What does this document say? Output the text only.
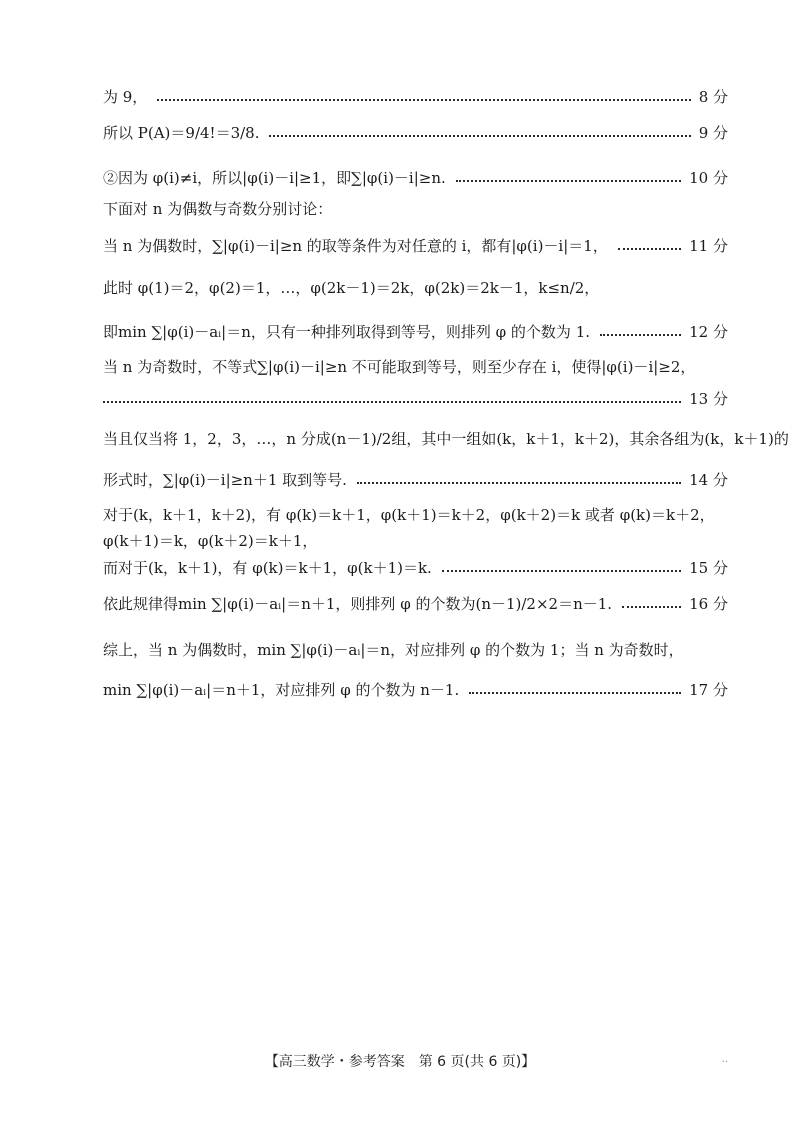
为 9，	8 分
所以 P(A)＝9/4!＝3/8.	9 分
②因为 φ(i)≠i，所以|φ(i)－i|≥1，即∑|φ(i)－i|≥n.	10 分
下面对 n 为偶数与奇数分别讨论：
当 n 为偶数时，∑|φ(i)－i|≥n 的取等条件为对任意的 i，都有|φ(i)－i|＝1，	11 分
此时 φ(1)＝2，φ(2)＝1，…，φ(2k－1)＝2k，φ(2k)＝2k－1，k≤n/2，
即min ∑|φ(i)－aᵢ|＝n，只有一种排列取得到等号，则排列 φ 的个数为 1.	12 分
当 n 为奇数时，不等式∑|φ(i)－i|≥n 不可能取到等号，则至少存在 i，使得|φ(i)－i|≥2，
13 分
当且仅当将 1，2，3，…，n 分成(n－1)/2组，其中一组如(k，k＋1，k＋2)，其余各组为(k，k＋1)的
形式时，∑|φ(i)－i|≥n＋1 取到等号.	14 分
对于(k，k＋1，k＋2)，有 φ(k)＝k＋1，φ(k＋1)＝k＋2，φ(k＋2)＝k 或者 φ(k)＝k＋2，
φ(k＋1)＝k，φ(k＋2)＝k＋1，
而对于(k，k＋1)，有 φ(k)＝k＋1，φ(k＋1)＝k.	15 分
依此规律得min ∑|φ(i)－aᵢ|＝n＋1，则排列 φ 的个数为(n－1)/2×2＝n－1.	16 分
综上，当 n 为偶数时，min ∑|φ(i)－aᵢ|＝n，对应排列 φ 的个数为 1；当 n 为奇数时，
min ∑|φ(i)－aᵢ|＝n＋1，对应排列 φ 的个数为 n－1.	17 分
【高三数学・参考答案　第 6 页(共 6 页)】	..
